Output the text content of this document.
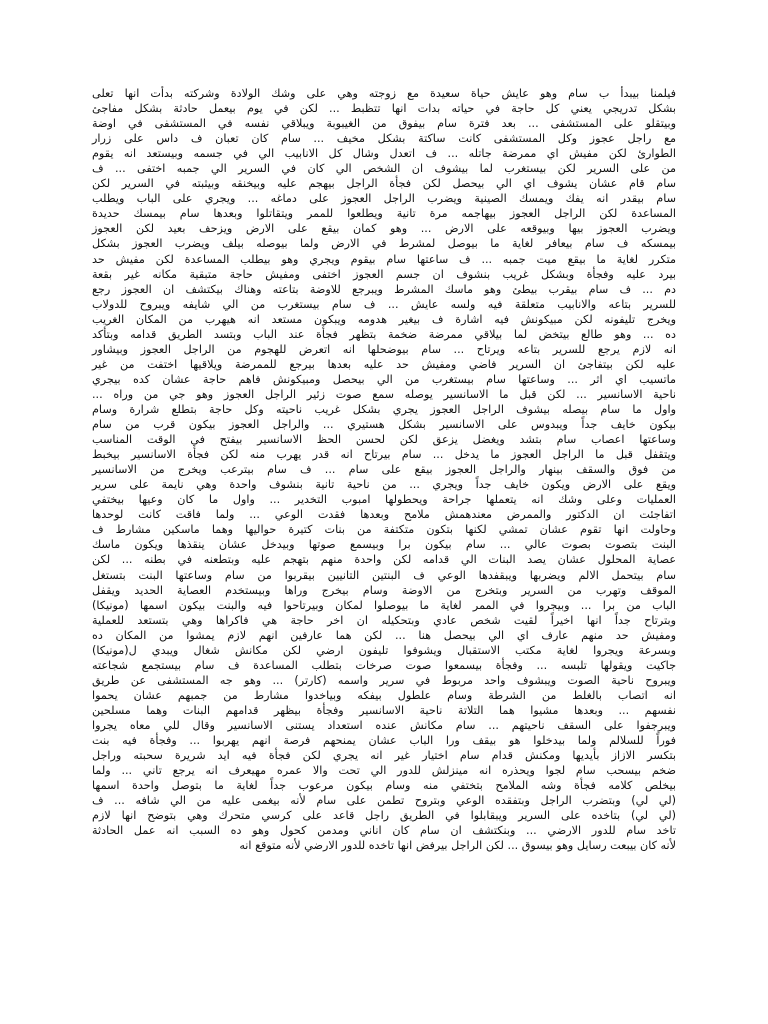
فيلمنا بيبدأ ب سام وهو عايش حياة سعيدة مع زوجته وهي على وشك الولادة وشركته بدأت انها تعلى
بشكل تدريجي يعني كل حاجة في حياته بدات انها تتظبط ... لكن في يوم بيعمل حادثة بشكل مفاجئ
وبيتقلو على المستشفى ... بعد فترة سام بيفوق من الغيبوبة ويبلاقي نفسه في المستشفى في اوضة
مع راجل عجوز وكل المستشفى كانت ساكتة بشكل مخيف ... سام كان تعبان ف داس على زرار
الطوارئ لكن مفيش اي ممرضة جاتله ... ف اتعدل وشال كل الانابيب الي في جسمه وبيستعد انه يقوم
من على السرير لكن بيستغرب لما بيشوف ان الشخص الي كان في السرير الي جمبه اختفى ... ف
سام قام عشان يشوف اي الي بيحصل لكن فجأة الراجل بيهجم عليه وبيخنقه وبيثبته في السرير لكن
سام بيقدر انه يفك ويمسك الصينية ويضرب الراجل العجوز على دماغه ... ويجري على الباب ويطلب
المساعدة لكن الراجل العجوز بيهاجمه مرة تانية ويطلعوا للممر ويتقاتلوا وبعدها سام بيمسك حديدة
ويضرب العجوز بيها وبيوقعه على الارض ... وهو كمان بيقع على الارض ويزحف بعيد لكن العجوز
بيمسكه ف سام بيعافر لغاية ما بيوصل لمشرط في الارض ولما بيوصله بيلف ويضرب العجوز بشكل
متكرر لغاية ما بيقع ميت جمبه ... ف ساعتها سام بيقوم ويجري وهو بيطلب المساعدة لكن مفيش حد
بيرد عليه وفجأة وبشكل غريب بنشوف ان جسم العجوز اختفى ومفيش حاجة متبقية مكانه غير بقعة
دم ... ف سام بيقرب بيطئ وهو ماسك المشرط ويبرجع للاوضة بتاعته وهناك بيكتشف ان العجوز رجع
للسرير بتاعه والانابيب متعلقة فيه ولسه عايش ... ف سام بيستغرب من الي شايفه ويبروح للدولاب
ويخرج تليفونه لكن مبيكونش فيه اشارة ف بيغير هدومه ويبكون مستعد انه هيهرب من المكان الغريب
ده ... وهو طالع بيتخض لما بيلاقي ممرضة ضخمة بتظهر فجأة عند الباب وبتسد الطريق قدامه وبتأكد
انه لازم يرجع للسرير بتاعه ويرتاح ... سام بيوضحلها انه اتعرض للهجوم من الراجل العجوز وبيشاور
عليه لكن بيتفاجئ ان السرير فاضي ومفيش حد عليه بعدها بيرجع للممرضة ويلاقيها اختفت من غير
ماتسيب اي اثر ... وساعتها سام بيستغرب من الي بيحصل ومبيكونش فاهم حاجة عشان كده بيجري
ناحية الاسانسير ... لكن قبل ما الاسانسير يوصله سمع صوت زئير الراجل العجوز وهو جي من وراه ...
واول ما سام بيصله بيشوف الراجل العجوز يجري بشكل غريب ناحيته وكل حاجة بتطلع شرارة وسام
بيكون خايف جداً ويبدوس على الاسانسير بشكل هستيري ... والراجل العجوز بيكون قرب من سام
وساعتها اعصاب سام بتشد ويغضل يزعق لكن لحسن الحظ الاسانسير بيفتح في الوقت المناسب
ويتقفل قبل ما الراجل العجوز ما يدخل ... سام بيرتاح انه قدر يهرب منه لكن فجأة الاسانسير بيخبط
من فوق والسقف بينهار والراجل العجوز بيقع على سام ... ف سام بيترعب ويخرج من الاسانسير
ويقع على الارض ويكون خايف جداً ويجري ... من ناحية تانية بنشوف واحدة وهي نايمة على سرير
العمليات وعلى وشك انه يتعملها جراحة ويحطولها امبوب التخدير ... واول ما كان وعيها بيختفي
اتفاجئت ان الدكتور والممرض معندهمش ملامح وبعدها فقدت الوعي ... ولما فاقت كانت لوحدها
وحاولت انها تقوم عشان تمشي لكنها بتكون متكتفة من بنات كتيرة حواليها وهما ماسكين مشارط ف
البنت بتصوت بصوت عالي ... سام بيكون برا وبيسمع صوتها وبيدخل عشان ينقذها ويكون ماسك
عصاية المحلول عشان يصد البنات الي قدامه لكن واحدة منهم بتهجم عليه وبتطعنه في بطنه ... لكن
سام بيتحمل الالم ويضربها ويبقفدها الوعي ف البنتين التانيين بيقربوا من سام وساعتها البنت بتستغل
الموقف وتهرب من السرير وبتخرج من الاوضة وسام بيخرج وراها وبيستخدم العصاية الحديد ويقفل
الباب من برا ... وبيجروا في الممر لغاية ما بيوصلوا لمكان وبيرتاحوا فيه والبنت بيكون اسمها (مونيكا)
وبترتاح جداً انها اخيراً لقيت شخص عادي وبتحكيله ان اخر حاجة هي فاكراها وهي بتستعد للعملية
ومفيش حد منهم عارف اي الي بيحصل هنا ... لكن هما عارفين انهم لازم يمشوا من المكان ده
وبسرعة ويجروا لغاية مكتب الاستقبال ويشوفوا تليفون ارضي لكن مكانش شغال ويبدي ل(مونيكا)
جاكيت ويقولها تلبسه ... وفجأة بيسمعوا صوت صرخات بتطلب المساعدة ف سام بيستجمع شجاعته
ويبروح ناحية الصوت ويبشوف واحد مربوط في سرير واسمه (كارتر) ... وهو جه المستشفى عن طريق
انه اتصاب بالغلط من الشرطة وسام علطول بيفكه وبياخدوا مشارط من جمبهم عشان يحموا
نفسهم ... وبعدها مشيوا هما التلاتة ناحية الاسانسير وفجأة بيظهر قدامهم البنات وهما مسلحين
ويبرجفوا على السقف ناحيتهم ... سام مكانش عنده استعداد يستنى الاسانسير وقال للي معاه يجروا
فوراً للسلالم ولما بيدخلوا هو بيقف ورا الباب عشان يمنحهم فرصة انهم يهربوا ... وفجأة فيه بنت
بتكسر الازاز بأيديها ومكنش قدام سام اختيار غير انه يجري لكن فجأة فيه ايد شريرة سحبته وراجل
ضخم بيسحب سام لجوا ويحذره انه مينزلش للدور الي تحت والا عمره مهيعرف انه يرجع تاني ... ولما
بيخلص كلامه فجأة وشه الملامح بتختفي منه وسام بيكون مرعوب جداً لغاية ما بتوصل واحدة اسمها
(لي لي) وبتضرب الراجل وبتفقده الوعي وبتروح تطمن على سام لأنه بيغمى عليه من الي شافه ... ف
(لي لي) بتاخده على السرير ويبقابلوا في الطريق راجل قاعد على كرسي متحرك وهي بتوضح انها لازم
تاخد سام للدور الارضي ... وبنكتشف ان سام كان اناني ومدمن كحول وهو ده السبب انه عمل الحادثة
لأنه كان بيبعت رسايل وهو بيسوق ... لكن الراجل بيرفض انها تاخده للدور الارضي لأنه متوقع انه
